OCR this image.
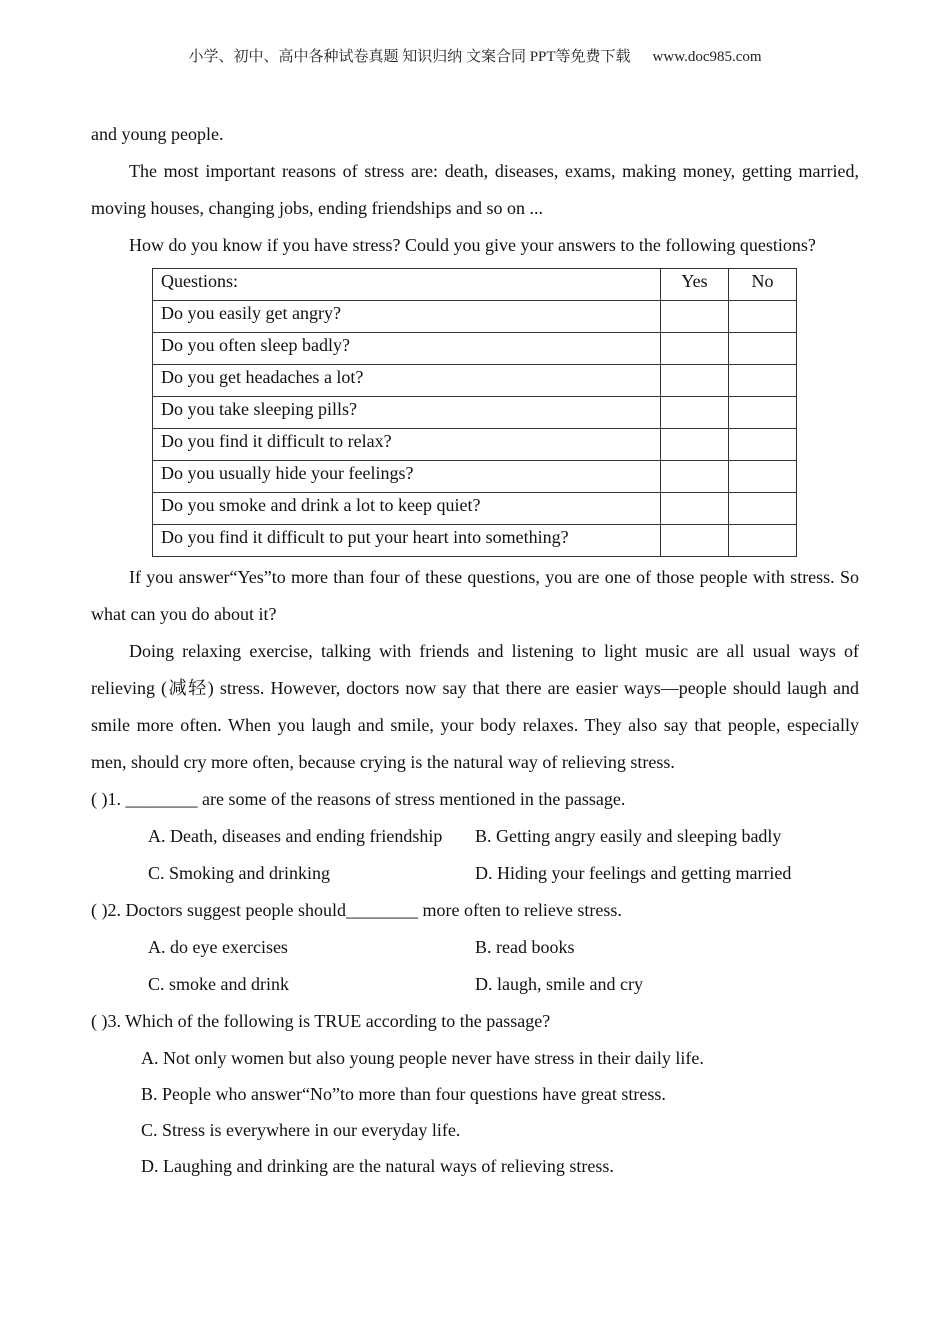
小学、初中、高中各种试卷真题 知识归纳 文案合同 PPT等免费下载 www.doc985.com

and young people.

The most important reasons of stress are: death, diseases, exams, making money, getting married, moving houses, changing jobs, ending friendships and so on ...

How do you know if you have stress? Could you give your answers to the following questions?

Questions:	Yes	No
Do you easily get angry?		
Do you often sleep badly?		
Do you get headaches a lot?		
Do you take sleeping pills?		
Do you find it difficult to relax?		
Do you usually hide your feelings?		
Do you smoke and drink a lot to keep quiet?		
Do you find it difficult to put your heart into something?		

If you answer“Yes”to more than four of these questions, you are one of those people with stress. So what can you do about it?

Doing relaxing exercise, talking with friends and listening to light music are all usual ways of relieving (减轻) stress. However, doctors now say that there are easier ways—people should laugh and smile more often. When you laugh and smile, your body relaxes. They also say that people, especially men, should cry more often, because crying is the natural way of relieving stress.

( )1. ________ are some of the reasons of stress mentioned in the passage.

A. Death, diseases and ending friendship	B. Getting angry easily and sleeping badly
C. Smoking and drinking	D. Hiding your feelings and getting married

( )2. Doctors suggest people should________ more often to relieve stress.

A. do eye exercises	B. read books
C. smoke and drink	D. laugh, smile and cry

( )3. Which of the following is TRUE according to the passage?

A. Not only women but also young people never have stress in their daily life.

B. People who answer“No”to more than four questions have great stress.

C. Stress is everywhere in our everyday life.

D. Laughing and drinking are the natural ways of relieving stress.
